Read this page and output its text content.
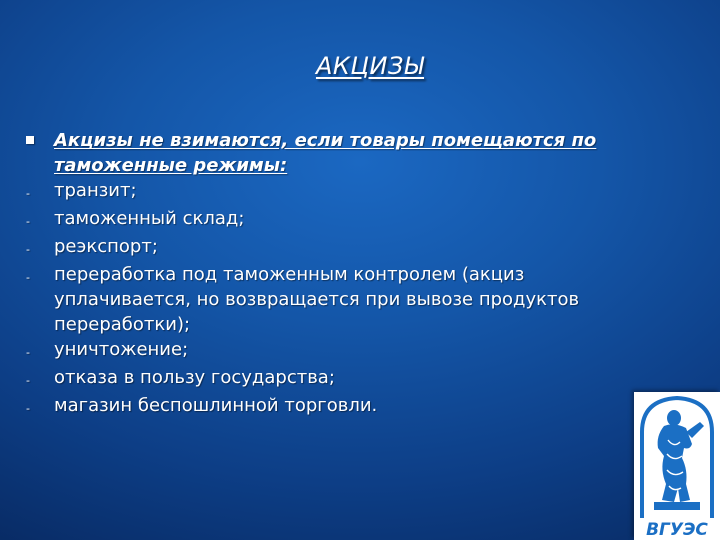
АКЦИЗЫ
Акцизы не взимаются, если товары помещаются по таможенные режимы:
-	транзит;
-	таможенный склад;
-	реэкспорт;
-	переработка под таможенным контролем (акциз уплачивается, но возвращается при вывозе продуктов переработки);
-	уничтожение;
-	отказа в пользу государства;
-	магазин беспошлинной торговли.
ВГУЭС
